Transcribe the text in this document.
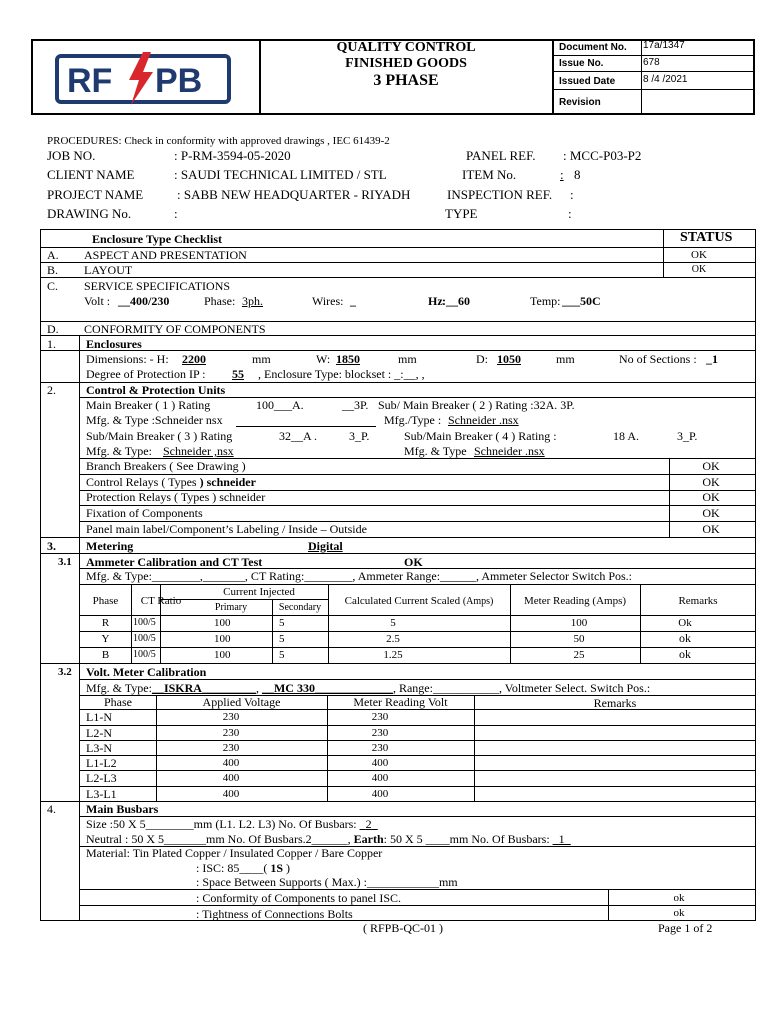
RF PB
QUALITY CONTROL
FINISHED GOODS
3 PHASE
Document No. 17a/1347
Issue No.	678
Issued Date	8 /4 /2021
Revision
PROCEDURES: Check in conformity with approved drawings , IEC 61439-2
JOB NO.	: P-RM-3594-05-2020	PANEL REF. : MCC-P03-P2
CLIENT NAME	: SAUDI TECHNICAL LIMITED / STL	ITEM No.	: 8
PROJECT NAME	: SABB NEW HEADQUARTER - RIYADH	INSPECTION REF. :
DRAWING No.	:	TYPE	:
Enclosure Type Checklist	STATUS
A. ASPECT AND PRESENTATION	OK
B. LAYOUT	OK
C. SERVICE SPECIFICATIONS
Volt : __400/230	Phase: 3ph.	Wires: _	Hz :__60	Temp: ___50C
D. CONFORMITY OF COMPONENTS
1.	Enclosures
Dimensions: - H: 2200	mm	W: 1850	mm	D: 1050	mm	No of Sections : _1
Degree of Protection IP : 55 , Enclosure Type: blockset : _:__, ,
2.	Control & Protection Units
Main Breaker ( 1 ) Rating	100___A.	__3P. Sub/ Main Breaker ( 2 ) Rating :32A. 3P.
Mfg. & Type :Schneider nsx	Mfg./Type : Schneider .nsx
Sub/Main Breaker ( 3 ) Rating	32__A .	3_P.	Sub/Main Breaker ( 4 ) Rating :	18 A.	3_P.
Mfg. & Type: Schneider ,nsx	Mfg. & Type Schneider .nsx
Branch Breakers ( See Drawing )	OK
Control Relays ( Types ) schneider	OK
Protection Relays ( Types ) schneider	OK
Fixation of Components	OK
Panel main label/Component’s Labeling / Inside – Outside	OK
3.	Metering	Digital
3.1 Ammeter Calibration and CT Test	OK
Mfg. & Type:________,_______, CT Rating:________, Ammeter Range:______, Ammeter Selector Switch Pos.:
Phase	CT Ratio
Current Injected
Primary	Secondary
Calculated Current Scaled (Amps)	Meter Reading (Amps)	Remarks
R	100/5	100	5	5	100	Ok
Y	100/5	100	5	2.5	50	ok
B	100/5	100	5	1.25	25	ok
3.2 Volt. Meter Calibration
Mfg. & Type:__ISKRA_________, __MC 330_____________, Range:___________, Voltmeter Select. Switch Pos.:
Phase	Applied Voltage	Meter Reading Volt	Remarks
L1-N	230	230
L2-N	230	230
L3-N	230	230
L1-L2	400	400
L2-L3	400	400
L3-L1	400	400
4.	Main Busbars
Size :50 X 5________mm (L1. L2. L3) No. Of Busbars: _2_
Neutral : 50 X 5_______mm No. Of Busbars.2______, Earth: 50 X 5 ____mm No. Of Busbars: _1_
Material: Tin Plated Copper / Insulated Copper / Bare Copper
: ISC: 85____( 1S )
: Space Between Supports ( Max.) :____________mm
: Conformity of Components to panel ISC.	ok
: Tightness of Connections Bolts	ok
( RFPB-QC-01 )	Page 1 of 2
